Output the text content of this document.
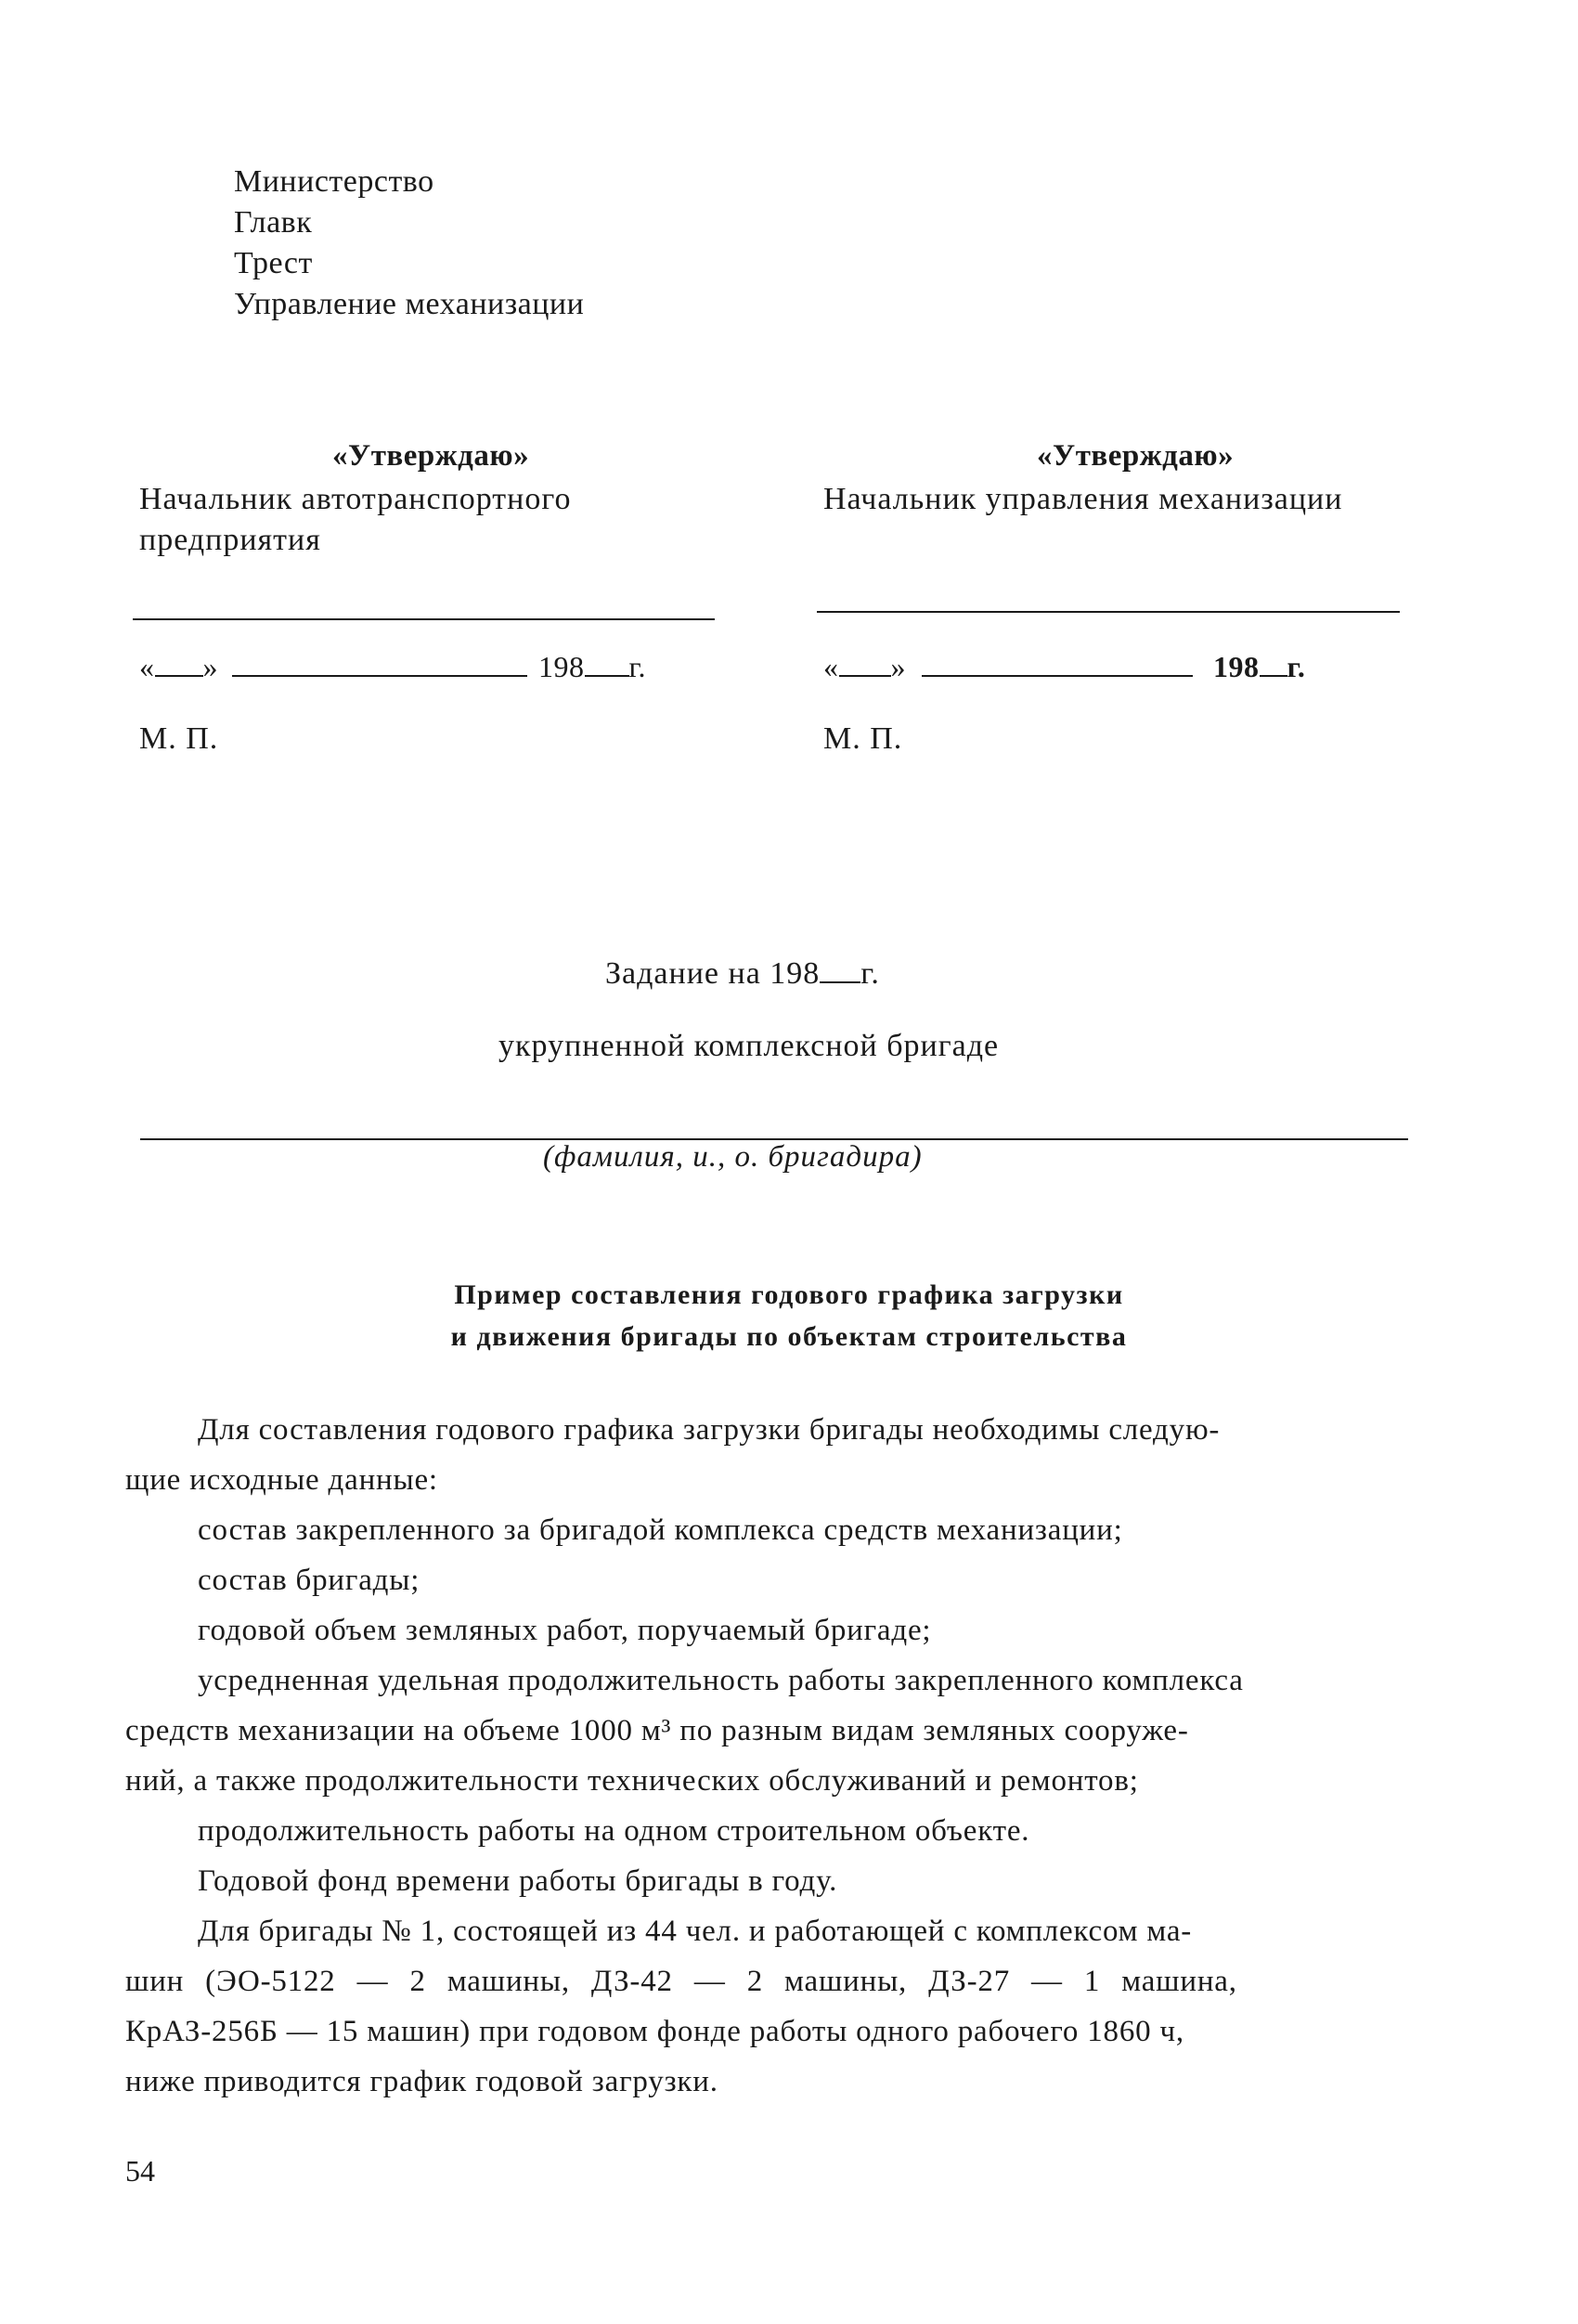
Министерство
Главк
Трест
Управление механизации
«Утверждаю»
Начальник автотранспортного
предприятия
« »	198 г.
М. П.
«Утверждаю»
Начальник управления механизации
« »	198 г.
М. П.
Задание на 198 г.
укрупненной комплексной бригаде
(фамилия, и., о. бригадира)
Пример составления годового графика загрузки
и движения бригады по объектам строительства
Для составления годового графика загрузки бригады необходимы следую-
щие исходные данные:
состав закрепленного за бригадой комплекса средств механизации;
состав бригады;
годовой объем земляных работ, поручаемый бригаде;
усредненная удельная продолжительность работы закрепленного комплекса
средств механизации на объеме 1000 м³ по разным видам земляных сооруже-
ний, а также продолжительности технических обслуживаний и ремонтов;
продолжительность работы на одном строительном объекте.
Годовой фонд времени работы бригады в году.
Для бригады № 1, состоящей из 44 чел. и работающей с комплексом ма-
шин (ЭО-5122 — 2 машины, ДЗ-42 — 2 машины, ДЗ-27 — 1 машина,
КрАЗ-256Б — 15 машин) при годовом фонде работы одного рабочего 1860 ч,
ниже приводится график годовой загрузки.
54
